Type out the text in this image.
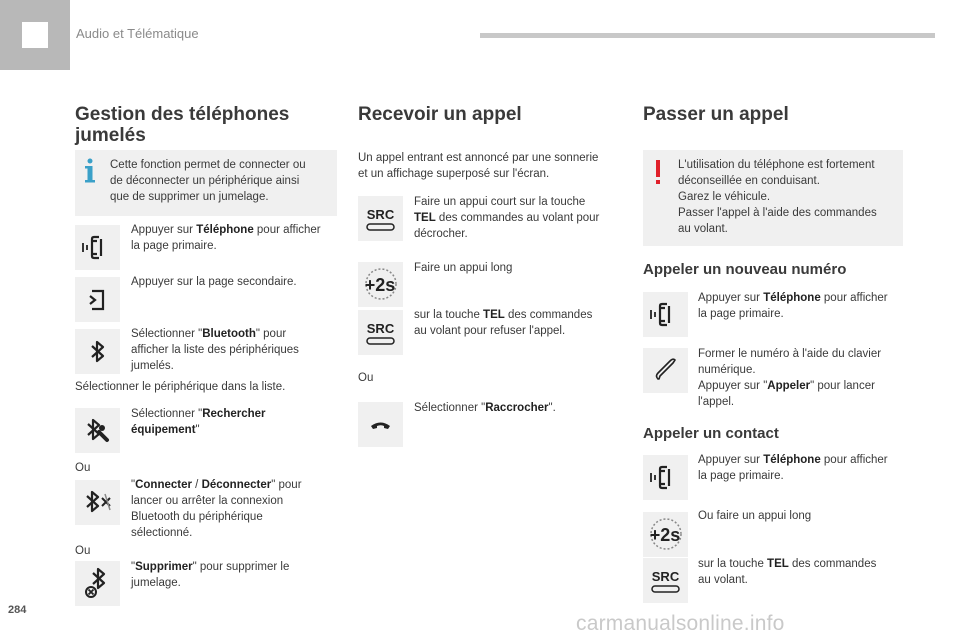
Audio et Télématique
Gestion des téléphones
jumelés
Cette fonction permet de connecter ou
de déconnecter un périphérique ainsi
que de supprimer un jumelage.
Appuyer sur Téléphone pour afficher
la page primaire.
Appuyer sur la page secondaire.
Sélectionner "Bluetooth" pour
afficher la liste des périphériques
jumelés.
Sélectionner le périphérique dans la liste.
Sélectionner "Rechercher
équipement"
Ou
"Connecter / Déconnecter" pour
lancer ou arrêter la connexion
Bluetooth du périphérique
sélectionné.
Ou
"Supprimer" pour supprimer le
jumelage.
Recevoir un appel
Un appel entrant est annoncé par une sonnerie
et un affichage superposé sur l'écran.
SRC
Faire un appui court sur la touche
TEL des commandes au volant pour
décrocher.
+2s
Faire un appui long
SRC
sur la touche TEL des commandes
au volant pour refuser l'appel.
Ou
Sélectionner "Raccrocher".
Passer un appel
L'utilisation du téléphone est fortement
déconseillée en conduisant.
Garez le véhicule.
Passer l'appel à l'aide des commandes
au volant.
Appeler un nouveau numéro
Appuyer sur Téléphone pour afficher
la page primaire.
Former le numéro à l'aide du clavier
numérique.
Appuyer sur "Appeler" pour lancer
l'appel.
Appeler un contact
Appuyer sur Téléphone pour afficher
la page primaire.
+2s
Ou faire un appui long
SRC
sur la touche TEL des commandes
au volant.
284
carmanualsonline.info
